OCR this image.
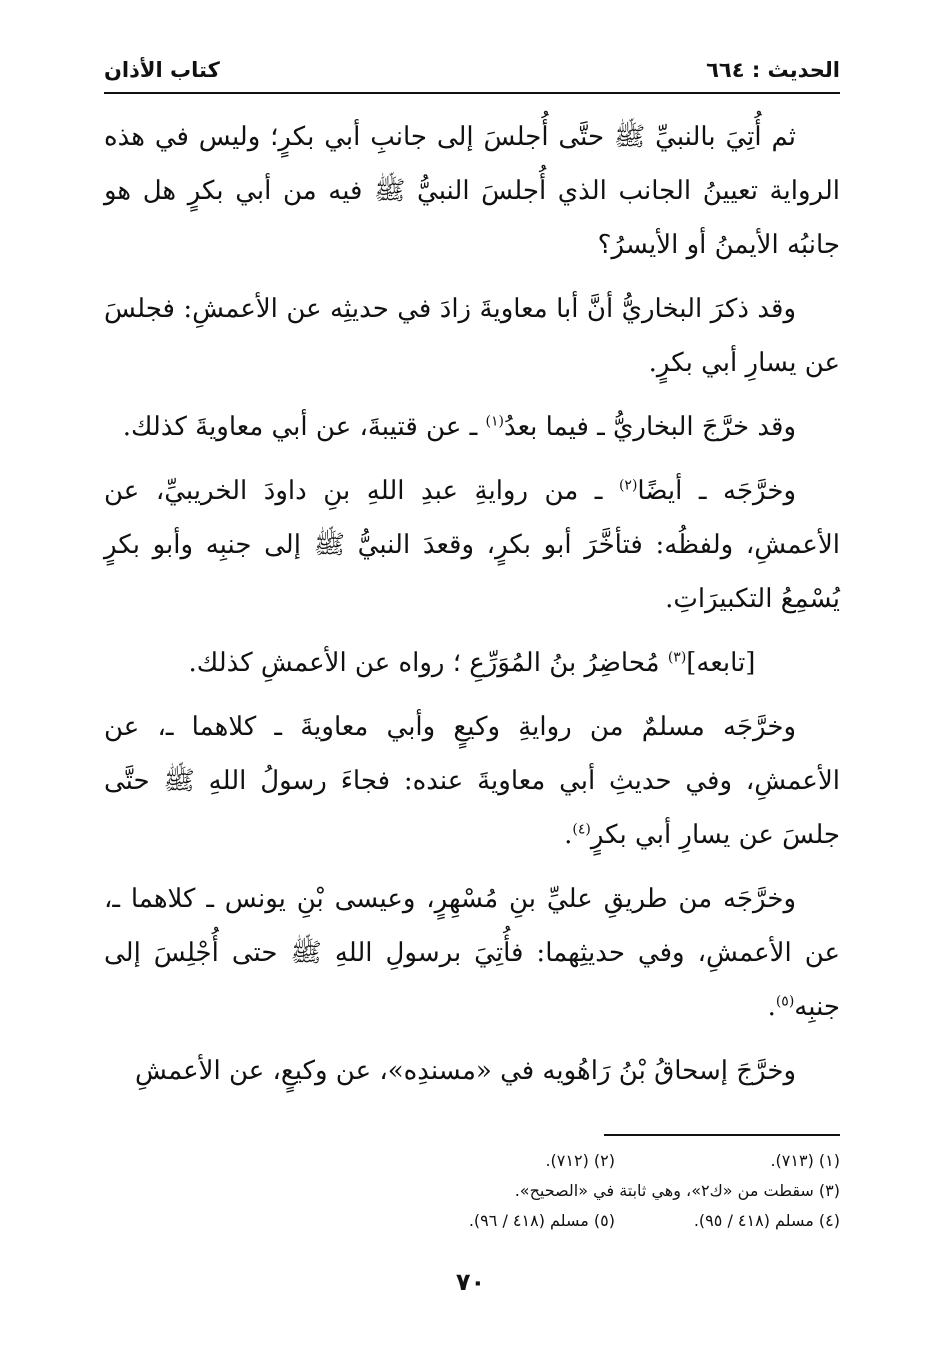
الحديث : ٦٦٤
كتاب الأذان

ثم أُتِيَ بالنبيِّ ﷺ حتَّى أُجلسَ إلى جانبِ أبي بكرٍ؛ وليس في هذه الرواية تعيينُ الجانب الذي أُجلسَ النبيُّ ﷺ فيه من أبي بكرٍ هل هو جانبُه الأيمنُ أو الأيسرُ؟

وقد ذكرَ البخاريُّ أنَّ أبا معاويةَ زادَ في حديثِه عن الأعمشِ: فجلسَ عن يسارِ أبي بكرٍ.

وقد خرَّجَ البخاريُّ ـ فيما بعدُ$^{(١)}$ ـ عن قتيبةَ، عن أبي معاويةَ كذلك.

وخرَّجَه ـ أيضًا$^{(٢)}$ ـ من روايةِ عبدِ اللهِ بنِ داودَ الخريبيِّ، عن الأعمشِ، ولفظُه: فتأخَّرَ أبو بكرٍ، وقعدَ النبيُّ ﷺ إلى جنبِه وأبو بكرٍ يُسْمِعُ التكبيرَاتِ.

[تابعه]$^{(٣)}$ مُحاضِرُ بنُ المُوَرِّعِ ؛ رواه عن الأعمشِ كذلك.

وخرَّجَه مسلمٌ من روايةِ وكيعٍ وأبي معاويةَ ـ كلاهما ـ، عن الأعمشِ، وفي حديثِ أبي معاويةَ عنده: فجاءَ رسولُ اللهِ ﷺ حتَّى جلسَ عن يسارِ أبي بكرٍ$^{(٤)}$.

وخرَّجَه من طريقِ عليِّ بنِ مُسْهِرٍ، وعيسى بْنِ يونس ـ كلاهما ـ، عن الأعمشِ، وفي حديثِهما: فأُتِيَ برسولِ اللهِ ﷺ حتى أُجْلِسَ إلى جنبِه$^{(٥)}$.

وخرَّجَ إسحاقُ بْنُ رَاهُويه في «مسندِه»، عن وكيعٍ، عن الأعمشِ

(١) (٧١٣).
(٢) (٧١٢).
(٣) سقطت من «ك٢»، وهي ثابتة في «الصحيح».
(٤) مسلم (٤١٨ / ٩٥).
(٥) مسلم (٤١٨ / ٩٦).
٧٠
